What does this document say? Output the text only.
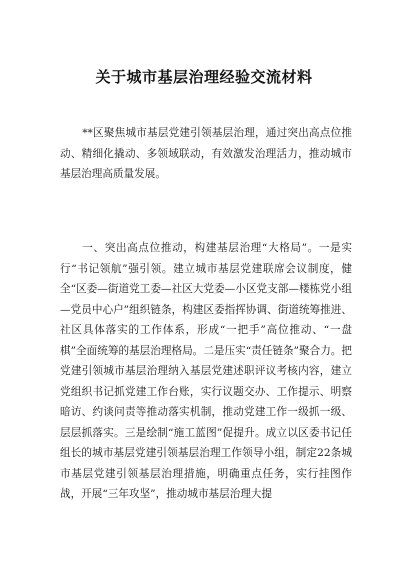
关于城市基层治理经验交流材料

**区聚焦城市基层党建引领基层治理，通过突出高点位推动、精细化撬动、多领域联动，有效激发治理活力，推动城市基层治理高质量发展。

一、突出高点位推动，构建基层治理“大格局”。一是实行“书记领航”强引领。建立城市基层党建联席会议制度，健全“区委—街道党工委—社区大党委—小区党支部—楼栋党小组—党员中心户”组织链条，构建区委指挥协调、街道统筹推进、社区具体落实的工作体系，形成“一把手”高位推动、“一盘棋”全面统筹的基层治理格局。二是压实“责任链条”聚合力。把党建引领城市基层治理纳入基层党建述职评议考核内容，建立党组织书记抓党建工作台账，实行议题交办、工作提示、明察暗访、约谈问责等推动落实机制，推动党建工作一级抓一级、层层抓落实。三是绘制“施工蓝图”促提升。成立以区委书记任组长的城市基层党建引领基层治理工作领导小组，制定22条城市基层党建引领基层治理措施，明确重点任务，实行挂图作战，开展“三年攻坚”，推动城市基层治理大提
